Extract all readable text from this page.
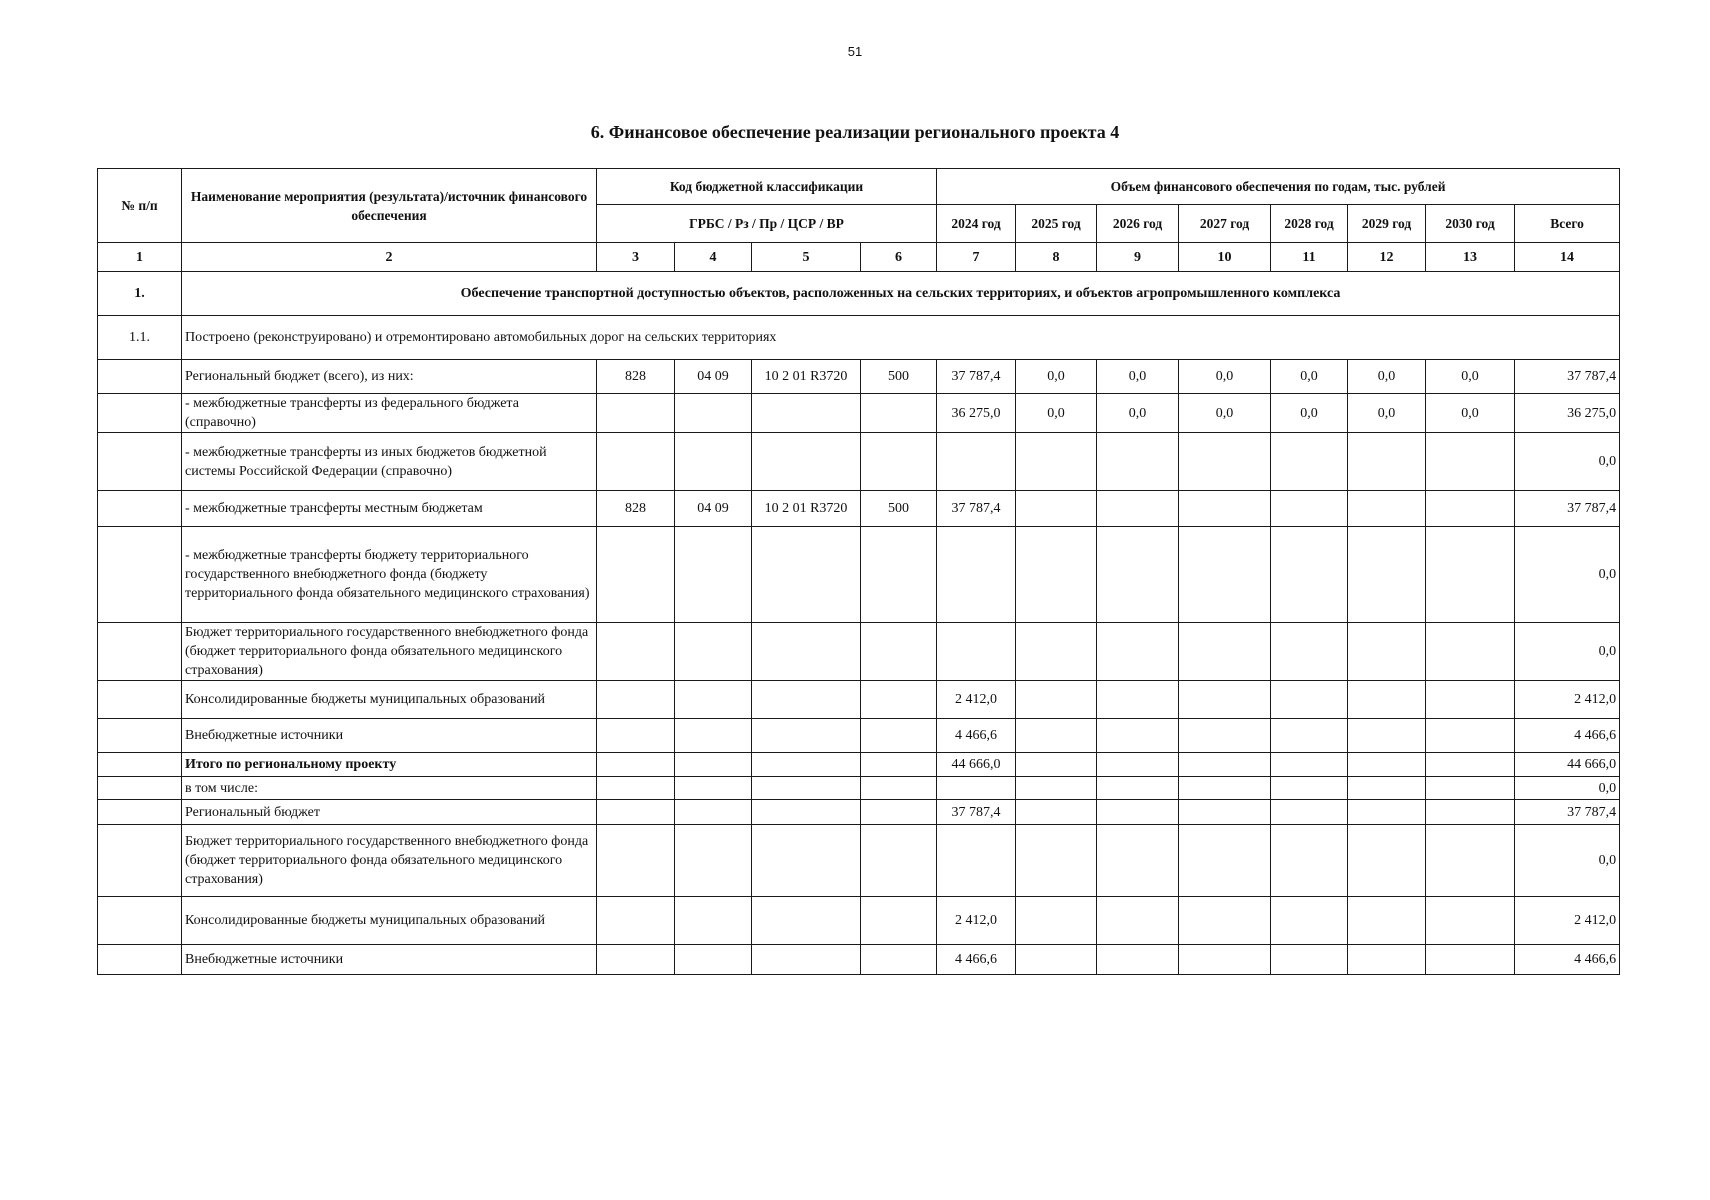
51
6. Финансовое обеспечение реализации регионального проекта 4
№ п/п	Наименование мероприятия (результата)/источник финансового обеспечения	Код бюджетной классификации				Объем финансового обеспечения по годам, тыс. рублей							
		ГРБС / Рз / Пр / ЦСР / ВР				2024 год	2025 год	2026 год	2027 год	2028 год	2029 год	2030 год	Всего
1	2	3	4	5	6	7	8	9	10	11	12	13	14
1.	Обеспечение транспортной доступностью объектов, расположенных на сельских территориях, и объектов агропромышленного комплекса												
1.1.	Построено (реконструировано) и отремонтировано автомобильных дорог на сельских территориях												
	Региональный бюджет (всего), из них:	828	04 09	10 2 01 R3720	500	37 787,4	0,0	0,0	0,0	0,0	0,0	0,0	37 787,4
	- межбюджетные трансферты из федерального бюджета (справочно)					36 275,0	0,0	0,0	0,0	0,0	0,0	0,0	36 275,0
	- межбюджетные трансферты из иных бюджетов бюджетной системы Российской Федерации (справочно)												0,0
	- межбюджетные трансферты местным бюджетам	828	04 09	10 2 01 R3720	500	37 787,4							37 787,4
	- межбюджетные трансферты бюджету территориального государственного внебюджетного фонда (бюджету территориального фонда обязательного медицинского страхования)												0,0
	Бюджет территориального государственного внебюджетного фонда (бюджет территориального фонда обязательного медицинского страхования)												0,0
	Консолидированные бюджеты муниципальных образований					2 412,0							2 412,0
	Внебюджетные источники					4 466,6							4 466,6
	Итого по региональному проекту					44 666,0							44 666,0
	в том числе:												0,0
	Региональный бюджет					37 787,4							37 787,4
	Бюджет территориального государственного внебюджетного фонда (бюджет территориального фонда обязательного медицинского страхования)												0,0
	Консолидированные бюджеты муниципальных образований					2 412,0							2 412,0
	Внебюджетные источники					4 466,6							4 466,6
